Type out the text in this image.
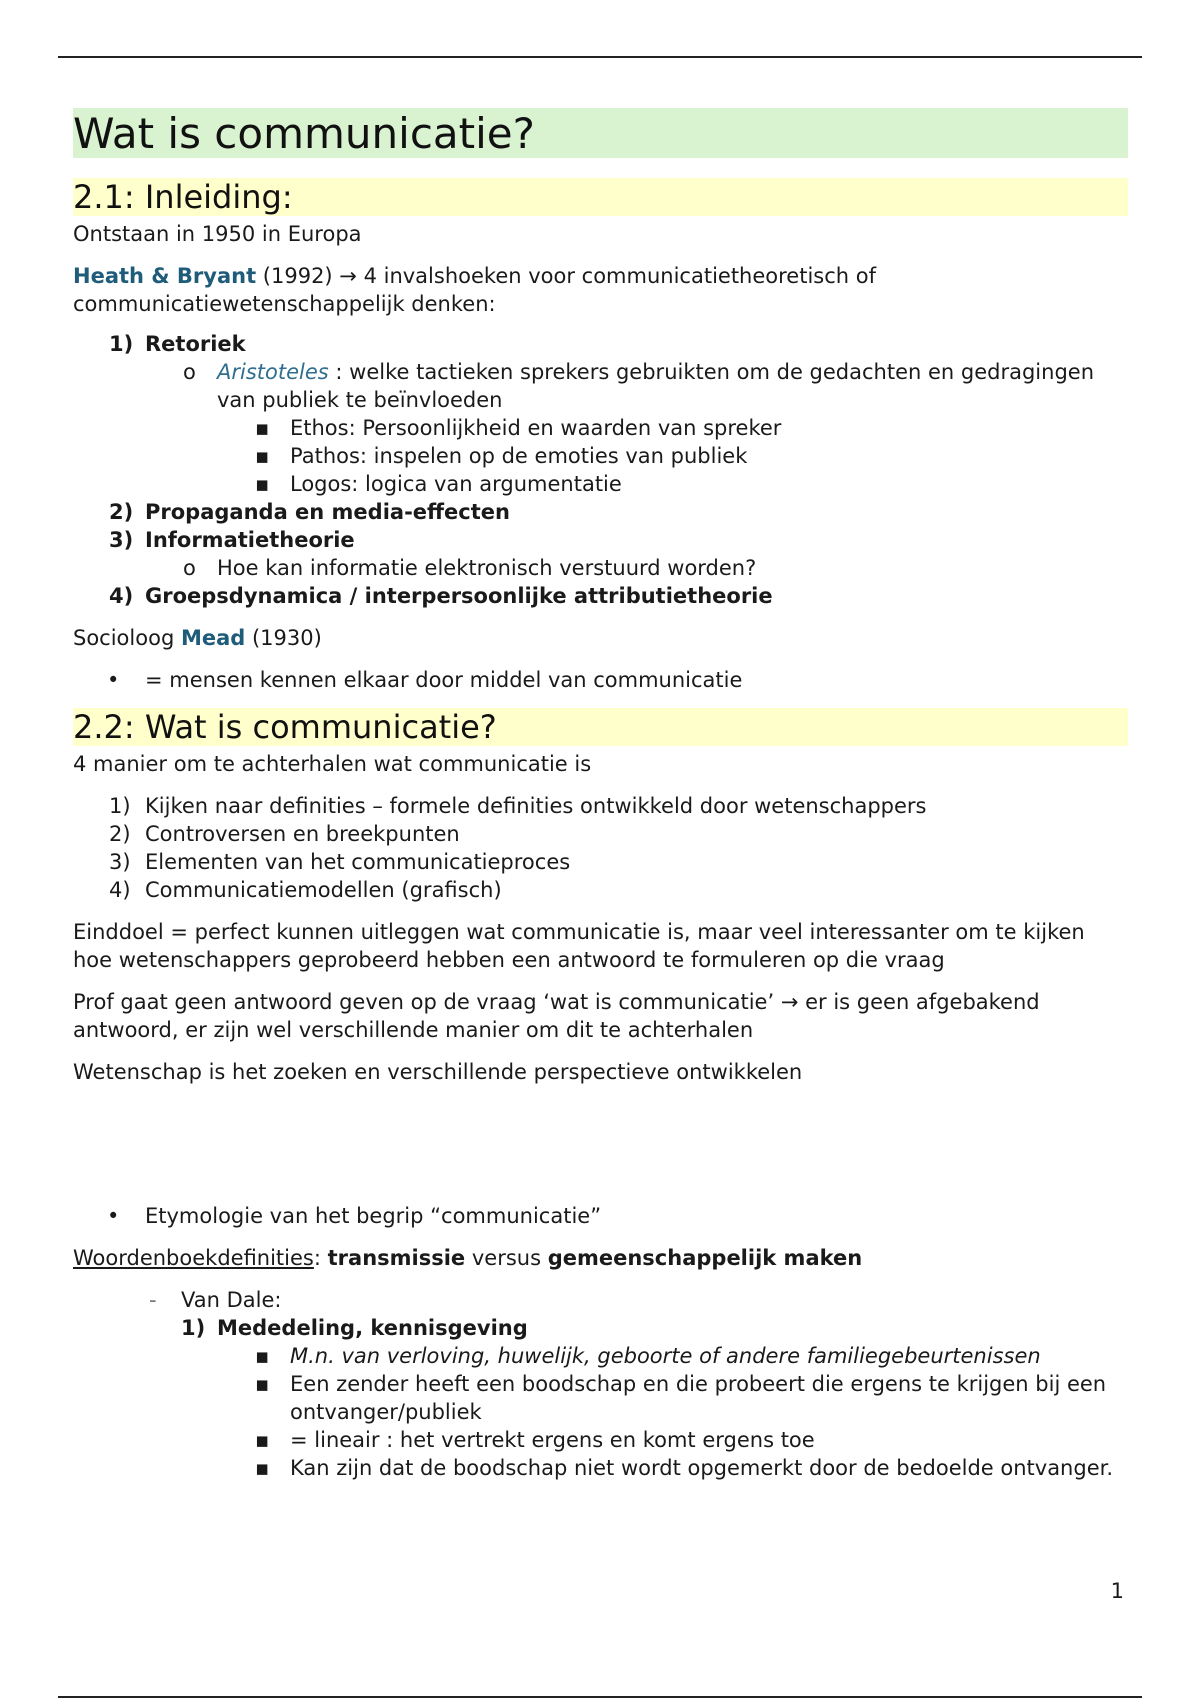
Wat is communicatie?
2.1: Inleiding:

Ontstaan in 1950 in Europa

Heath & Bryant (1992) → 4 invalshoeken voor communicatietheoretisch of communicatiewetenschappelijk denken:

1) Retoriek
o Aristoteles : welke tactieken sprekers gebruikten om de gedachten en gedragingen van publiek te beïnvloeden
▪ Ethos: Persoonlijkheid en waarden van spreker
▪ Pathos: inspelen op de emoties van publiek
▪ Logos: logica van argumentatie
2) Propaganda en media-effecten
3) Informatietheorie
o Hoe kan informatie elektronisch verstuurd worden?
4) Groepsdynamica / interpersoonlijke attributietheorie

Socioloog Mead (1930)

• = mensen kennen elkaar door middel van communicatie
2.2: Wat is communicatie?

4 manier om te achterhalen wat communicatie is

1) Kijken naar definities – formele definities ontwikkeld door wetenschappers
2) Controversen en breekpunten
3) Elementen van het communicatieproces
4) Communicatiemodellen (grafisch)

Einddoel = perfect kunnen uitleggen wat communicatie is, maar veel interessanter om te kijken hoe wetenschappers geprobeerd hebben een antwoord te formuleren op die vraag

Prof gaat geen antwoord geven op de vraag ‘wat is communicatie’ → er is geen afgebakend antwoord, er zijn wel verschillende manier om dit te achterhalen

Wetenschap is het zoeken en verschillende perspectieve ontwikkelen

• Etymologie van het begrip “communicatie”

Woordenboekdefinities: transmissie versus gemeenschappelijk maken

- Van Dale:
1) Mededeling, kennisgeving
▪ M.n. van verloving, huwelijk, geboorte of andere familiegebeurtenissen
▪ Een zender heeft een boodschap en die probeert die ergens te krijgen bij een ontvanger/publiek
▪ = lineair : het vertrekt ergens en komt ergens toe
▪ Kan zijn dat de boodschap niet wordt opgemerkt door de bedoelde ontvanger.
1
